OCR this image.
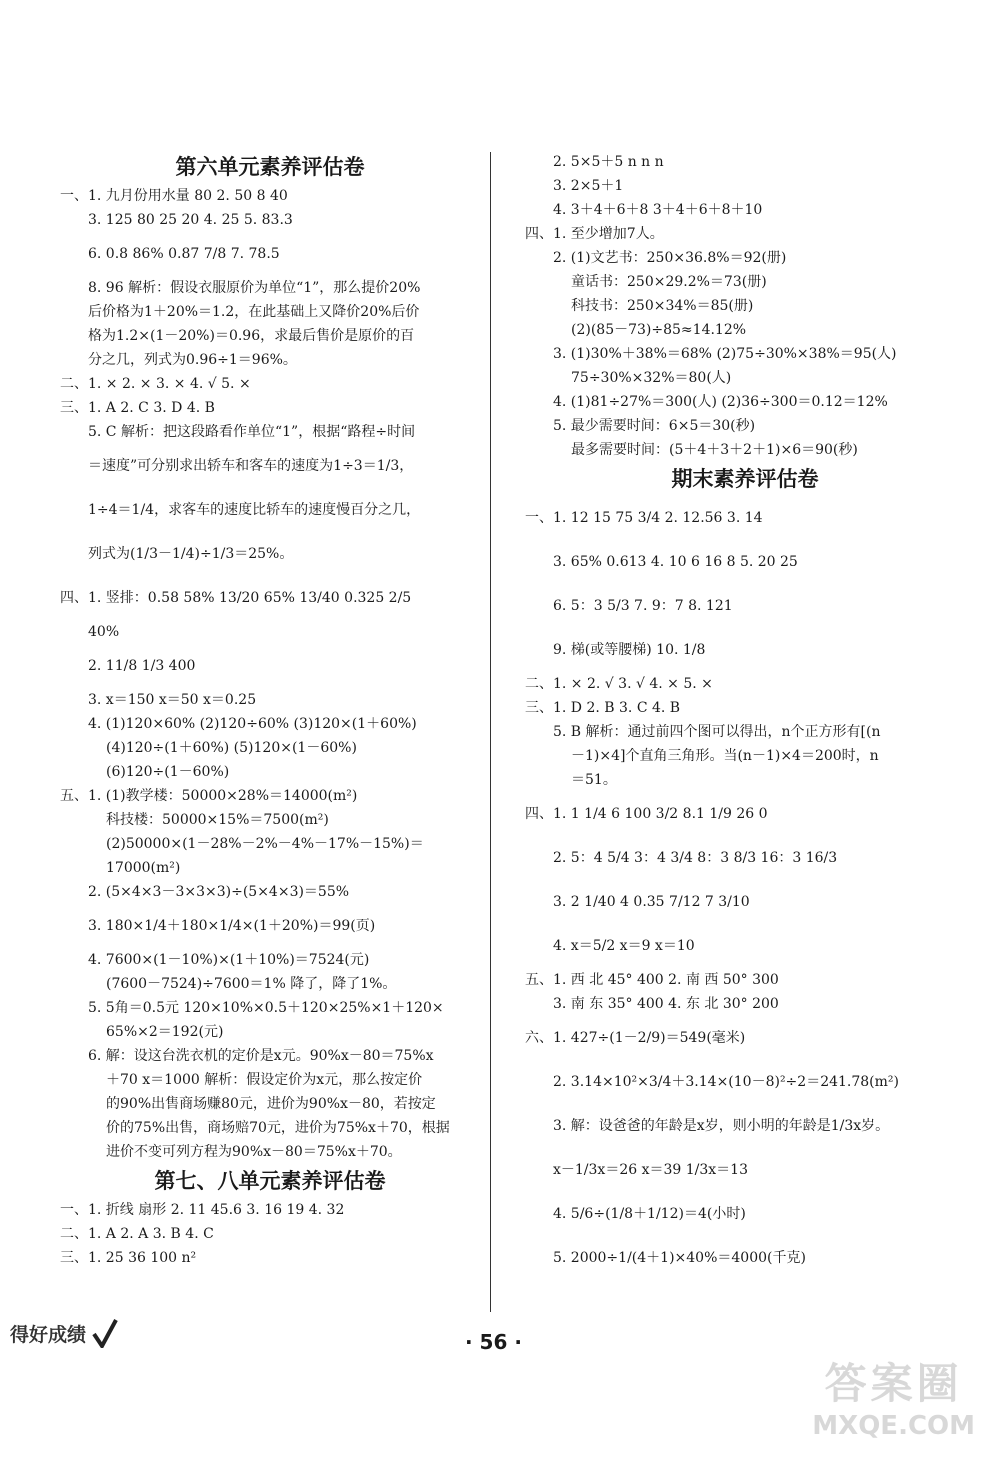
第六单元素养评估卷
一、1. 九月份用水量 80 2. 50 8 40
3. 125 80 25 20 4. 25 5. 83.3
6. 0.8 86% 0.87 7/8 7. 78.5
8. 96 解析：假设衣服原价为单位“1”，那么提价20%
后价格为1＋20%＝1.2，在此基础上又降价20%后价
格为1.2×(1－20%)＝0.96，求最后售价是原价的百
分之几，列式为0.96÷1＝96%。
二、1. × 2. × 3. × 4. √ 5. ×
三、1. A 2. C 3. D 4. B
5. C 解析：把这段路看作单位“1”，根据“路程÷时间
＝速度”可分别求出轿车和客车的速度为1÷3＝1/3，
1÷4＝1/4，求客车的速度比轿车的速度慢百分之几，
列式为(1/3－1/4)÷1/3＝25%。
四、1. 竖排：0.58 58% 13/20 65% 13/40 0.325 2/5
40%
2. 11/8 1/3 400
3. x＝150 x＝50 x＝0.25
4. (1)120×60% (2)120÷60% (3)120×(1＋60%)
(4)120÷(1＋60%) (5)120×(1－60%)
(6)120÷(1－60%)
五、1. (1)教学楼：50000×28%＝14000(m²)
科技楼：50000×15%＝7500(m²)
(2)50000×(1－28%－2%－4%－17%－15%)＝
17000(m²)
2. (5×4×3－3×3×3)÷(5×4×3)＝55%
3. 180×1/4＋180×1/4×(1＋20%)＝99(页)
4. 7600×(1－10%)×(1＋10%)＝7524(元)
(7600－7524)÷7600＝1% 降了，降了1%。
5. 5角＝0.5元 120×10%×0.5＋120×25%×1＋120×
65%×2＝192(元)
6. 解：设这台洗衣机的定价是x元。90%x－80＝75%x
＋70 x＝1000 解析：假设定价为x元，那么按定价
的90%出售商场赚80元，进价为90%x－80，若按定
价的75%出售，商场赔70元，进价为75%x＋70，根据
进价不变可列方程为90%x－80＝75%x＋70。
第七、八单元素养评估卷
一、1. 折线 扇形 2. 11 45.6 3. 16 19 4. 32
二、1. A 2. A 3. B 4. C
三、1. 25 36 100 n²
2. 5×5＋5 n n n
3. 2×5＋1
4. 3＋4＋6＋8 3＋4＋6＋8＋10
四、1. 至少增加7人。
2. (1)文艺书：250×36.8%＝92(册)
童话书：250×29.2%＝73(册)
科技书：250×34%＝85(册)
(2)(85－73)÷85≈14.12%
3. (1)30%＋38%＝68% (2)75÷30%×38%＝95(人)
75÷30%×32%＝80(人)
4. (1)81÷27%＝300(人) (2)36÷300＝0.12＝12%
5. 最少需要时间：6×5＝30(秒)
最多需要时间：(5＋4＋3＋2＋1)×6＝90(秒)
期末素养评估卷
一、1. 12 15 75 3/4 2. 12.56 3. 14
3. 65% 0.613 4. 10 6 16 8 5. 20 25
6. 5：3 5/3 7. 9：7 8. 121
9. 梯(或等腰梯) 10. 1/8
二、1. × 2. √ 3. √ 4. × 5. ×
三、1. D 2. B 3. C 4. B
5. B 解析：通过前四个图可以得出，n个正方形有[(n
－1)×4]个直角三角形。当(n－1)×4＝200时，n
＝51。
四、1. 1 1/4 6 100 3/2 8.1 1/9 26 0
2. 5：4 5/4 3：4 3/4 8：3 8/3 16：3 16/3
3. 2 1/40 4 0.35 7/12 7 3/10
4. x＝5/2 x＝9 x＝10
五、1. 西 北 45° 400 2. 南 西 50° 300
3. 南 东 35° 400 4. 东 北 30° 200
六、1. 427÷(1－2/9)＝549(毫米)
2. 3.14×10²×3/4＋3.14×(10－8)²÷2＝241.78(m²)
3. 解：设爸爸的年龄是x岁，则小明的年龄是1/3x岁。
x－1/3x＝26 x＝39 1/3x＝13
4. 5/6÷(1/8＋1/12)＝4(小时)
5. 2000÷1/(4＋1)×40%＝4000(千克)
得好成绩	· 56 ·
答案圈
MXQE.COM
